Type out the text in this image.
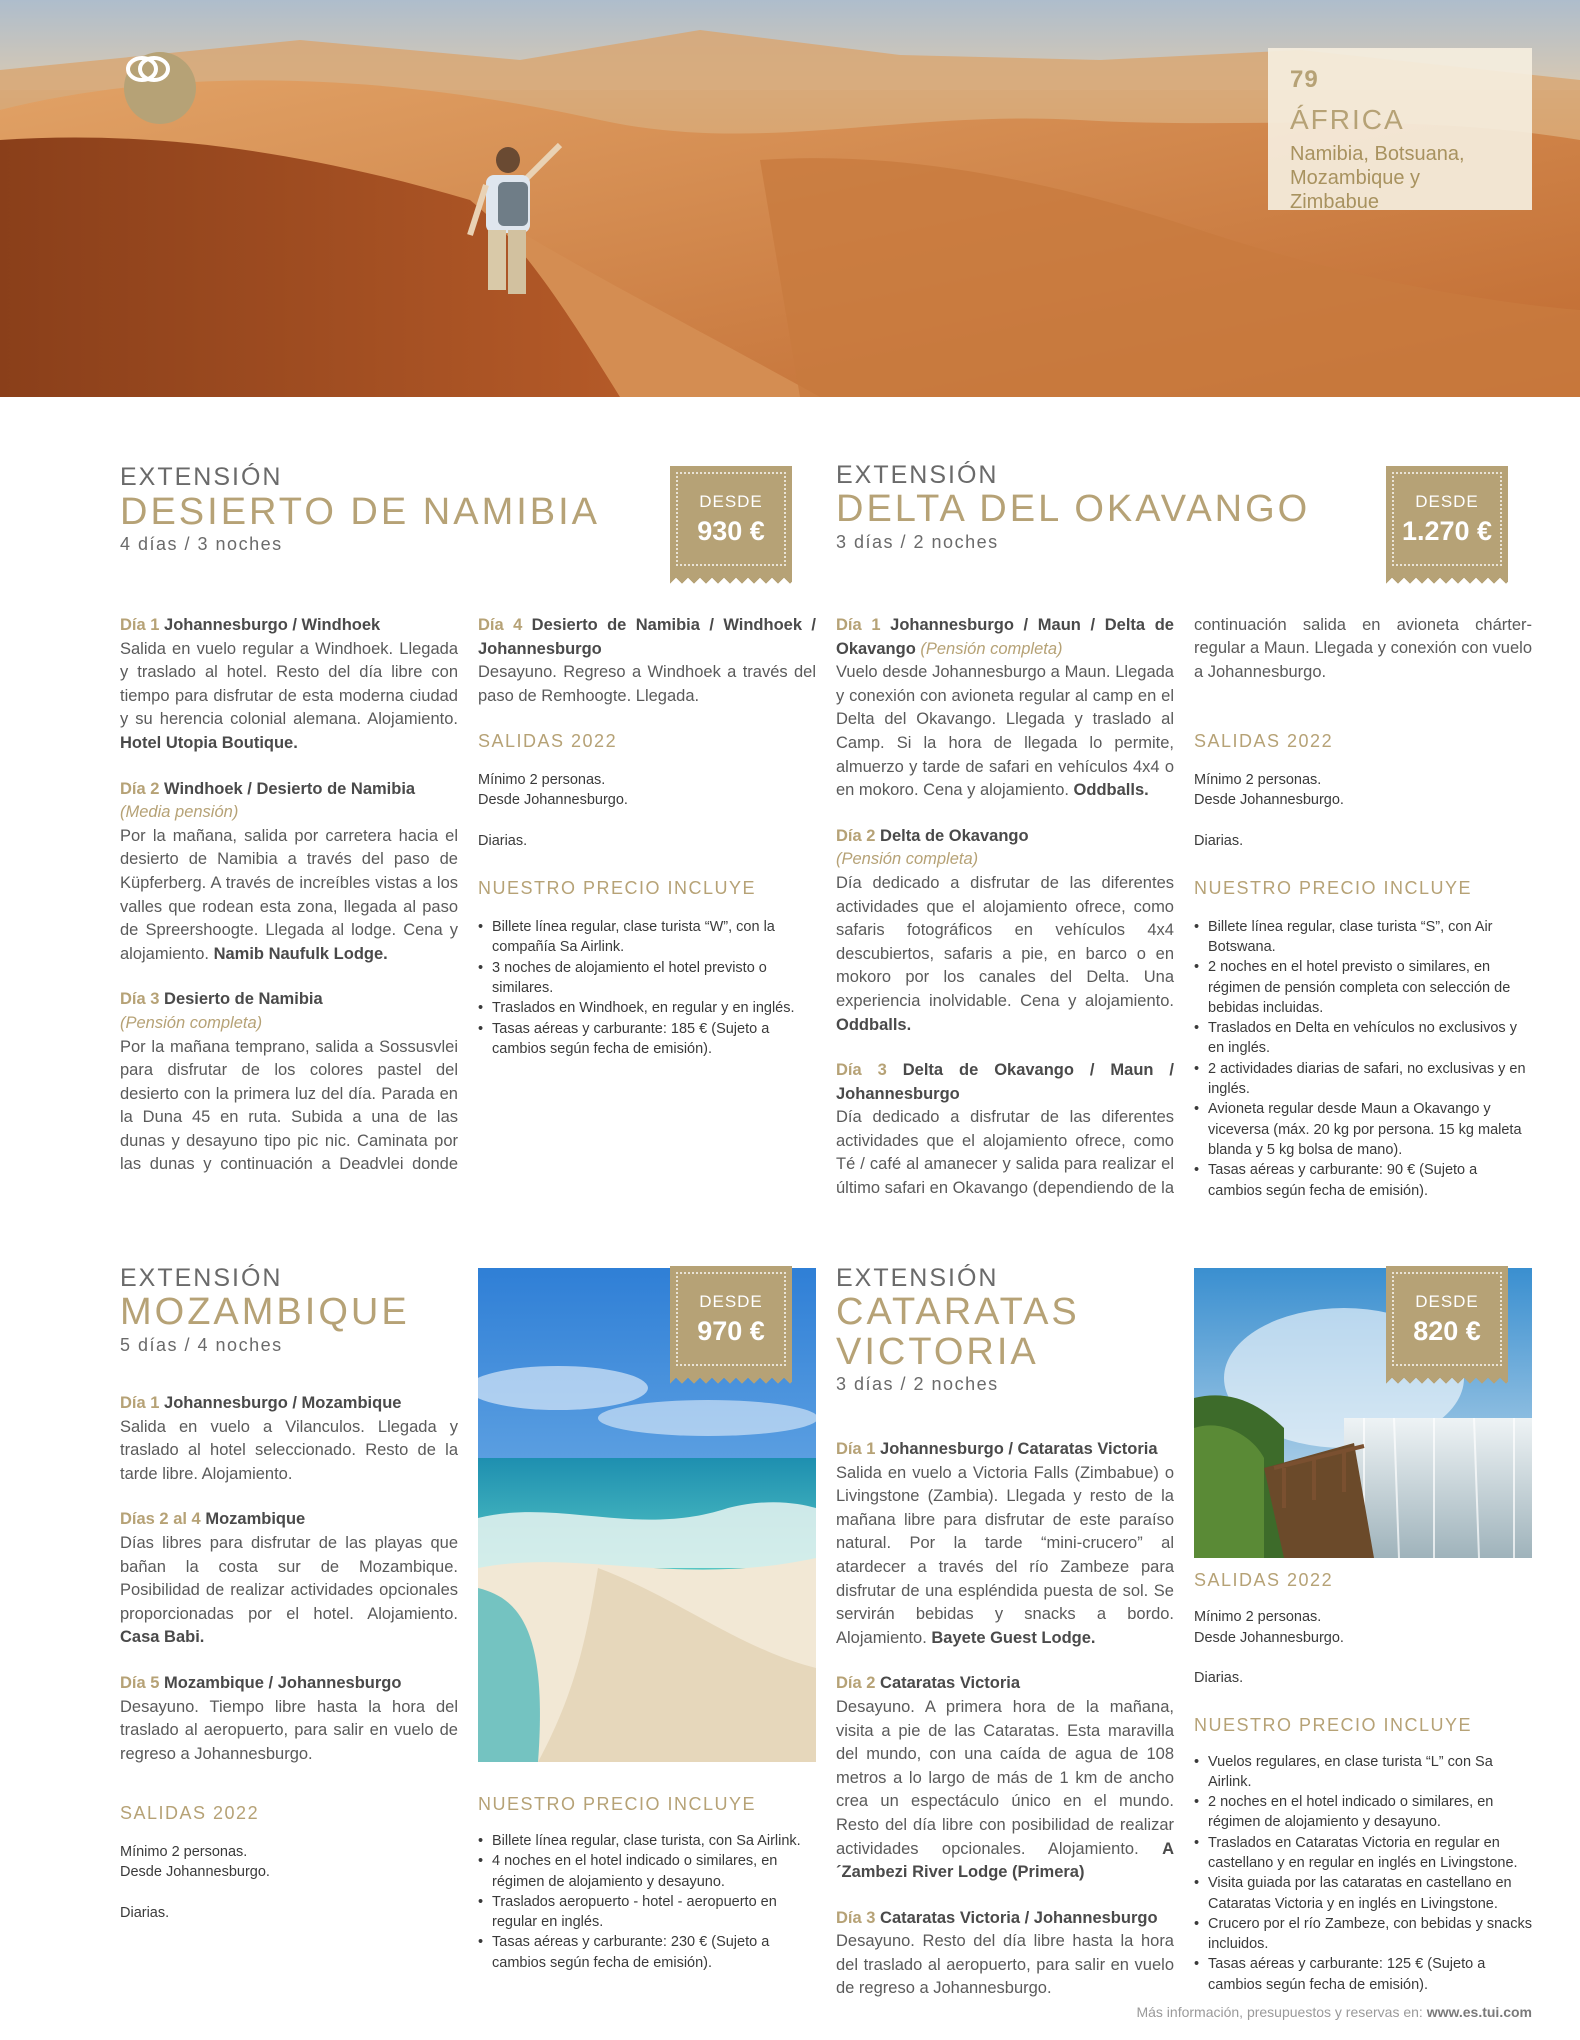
79
ÁFRICA
Namibia, Botsuana,
Mozambique y Zimbabue
EXTENSIÓN
DESIERTO DE NAMIBIA
4 días / 3 noches
DESDE
930 €

Día 1 Johannesburgo / Windhoek
Salida en vuelo regular a Windhoek. Llegada y traslado al hotel. Resto del día libre con tiempo para disfrutar de esta moderna ciudad y su herencia colonial alemana. Alojamiento. Hotel Utopia Boutique.

Día 2 Windhoek / Desierto de Namibia
(Media pensión)
Por la mañana, salida por carretera hacia el desierto de Namibia a través del paso de Küpferberg. A través de increíbles vistas a los valles que rodean esta zona, llegada al paso de Spreershoogte. Llegada al lodge. Cena y alojamiento. Namib Naufulk Lodge.

Día 3 Desierto de Namibia
(Pensión completa)
Por la mañana temprano, salida a Sossusvlei para disfrutar de los colores pastel del desierto con la primera luz del día. Parada en la Duna 45 en ruta. Subida a una de las dunas y desayuno tipo pic nic. Caminata por las dunas y continuación a Deadvlei donde

Día 4 Desierto de Namibia / Windhoek / Johannesburgo
Desayuno. Regreso a Windhoek a través del paso de Remhoogte. Llegada.

SALIDAS 2022
Mínimo 2 personas.
Desde Johannesburgo.

Diarias.
NUESTRO PRECIO INCLUYE
• Billete línea regular, clase turista “W”, con la compañía Sa Airlink.
• 3 noches de alojamiento el hotel previsto o similares.
• Traslados en Windhoek, en regular y en inglés.
• Tasas aéreas y carburante: 185 € (Sujeto a cambios según fecha de emisión).
EXTENSIÓN
DELTA DEL OKAVANGO
3 días / 2 noches
DESDE
1.270 €

Día 1 Johannesburgo / Maun / Delta de Okavango (Pensión completa)
Vuelo desde Johannesburgo a Maun. Llegada y conexión con avioneta regular al camp en el Delta del Okavango. Llegada y traslado al Camp. Si la hora de llegada lo permite, almuerzo y tarde de safari en vehículos 4x4 o en mokoro. Cena y alojamiento. Oddballs.

Día 2 Delta de Okavango
(Pensión completa)
Día dedicado a disfrutar de las diferentes actividades que el alojamiento ofrece, como safaris fotográficos en vehículos 4x4 descubiertos, safaris a pie, en barco o en mokoro por los canales del Delta. Una experiencia inolvidable. Cena y alojamiento. Oddballs.

Día 3 Delta de Okavango / Maun / Johannesburgo
Día dedicado a disfrutar de las diferentes actividades que el alojamiento ofrece, como Té / café al amanecer y salida para realizar el último safari en Okavango (dependiendo de la

continuación salida en avioneta chárter-regular a Maun. Llegada y conexión con vuelo a Johannesburgo.

SALIDAS 2022
Mínimo 2 personas.
Desde Johannesburgo.

Diarias.
NUESTRO PRECIO INCLUYE
• Billete línea regular, clase turista “S”, con Air Botswana.
• 2 noches en el hotel previsto o similares, en régimen de pensión completa con selección de bebidas incluidas.
• Traslados en Delta en vehículos no exclusivos y en inglés.
• 2 actividades diarias de safari, no exclusivas y en inglés.
• Avioneta regular desde Maun a Okavango y viceversa (máx. 20 kg por persona. 15 kg maleta blanda y 5 kg bolsa de mano).
• Tasas aéreas y carburante: 90 € (Sujeto a cambios según fecha de emisión).
EXTENSIÓN
MOZAMBIQUE
5 días / 4 noches

Día 1 Johannesburgo / Mozambique
Salida en vuelo a Vilanculos. Llegada y traslado al hotel seleccionado. Resto de la tarde libre. Alojamiento.

Días 2 al 4 Mozambique
Días libres para disfrutar de las playas que bañan la costa sur de Mozambique. Posibilidad de realizar actividades opcionales proporcionadas por el hotel. Alojamiento. Casa Babi.

Día 5 Mozambique / Johannesburgo
Desayuno. Tiempo libre hasta la hora del traslado al aeropuerto, para salir en vuelo de regreso a Johannesburgo.

SALIDAS 2022
Mínimo 2 personas.
Desde Johannesburgo.

Diarias.
DESDE
970 €
NUESTRO PRECIO INCLUYE
• Billete línea regular, clase turista, con Sa Airlink.
• 4 noches en el hotel indicado o similares, en régimen de alojamiento y desayuno.
• Traslados aeropuerto - hotel - aeropuerto en regular en inglés.
• Tasas aéreas y carburante: 230 € (Sujeto a cambios según fecha de emisión).
EXTENSIÓN
CATARATAS
VICTORIA
3 días / 2 noches

Día 1 Johannesburgo / Cataratas Victoria
Salida en vuelo a Victoria Falls (Zimbabue) o Livingstone (Zambia). Llegada y resto de la mañana libre para disfrutar de este paraíso natural. Por la tarde “mini-crucero” al atardecer a través del río Zambeze para disfrutar de una espléndida puesta de sol. Se servirán bebidas y snacks a bordo. Alojamiento. Bayete Guest Lodge.

Día 2 Cataratas Victoria
Desayuno. A primera hora de la mañana, visita a pie de las Cataratas. Esta maravilla del mundo, con una caída de agua de 108 metros a lo largo de más de 1 km de ancho crea un espectáculo único en el mundo. Resto del día libre con posibilidad de realizar actividades opcionales. Alojamiento. A´Zambezi River Lodge (Primera)

Día 3 Cataratas Victoria / Johannesburgo
Desayuno. Resto del día libre hasta la hora del traslado al aeropuerto, para salir en vuelo de regreso a Johannesburgo.

DESDE
820 €
SALIDAS 2022
Mínimo 2 personas.
Desde Johannesburgo.

Diarias.
NUESTRO PRECIO INCLUYE
• Vuelos regulares, en clase turista “L” con Sa Airlink.
• 2 noches en el hotel indicado o similares, en régimen de alojamiento y desayuno.
• Traslados en Cataratas Victoria en regular en castellano y en regular en inglés en Livingstone.
• Visita guiada por las cataratas en castellano en Cataratas Victoria y en inglés en Livingstone.
• Crucero por el río Zambeze, con bebidas y snacks incluidos.
• Tasas aéreas y carburante: 125 € (Sujeto a cambios según fecha de emisión).
Más información, presupuestos y reservas en: www.es.tui.com
